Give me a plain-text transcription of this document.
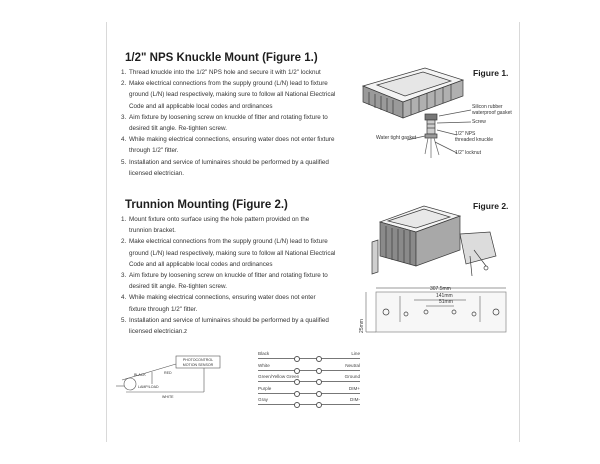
1/2" NPS Knuckle Mount (Figure 1.)
1. Thread knuckle into the 1/2" NPS hole and secure it with 1/2" locknut
2. Make electrical connections from the supply ground (L/N) lead to fixture
ground (L/N) lead respectively, making sure to follow all National Electrical
Code and all applicable local codes and ordinances
3. Aim fixture by loosening screw on knuckle of fitter and rotating fixture to
desired tilt angle. Re-tighten screw.
4. While making electrical connections, ensuring water does not enter fixture
through 1/2" fitter.
5. Installation and service of luminaires should be performed by a qualified
licensed electrician.
Figure 1.
Silicon rubber
waterproof gasket
Screw
1/2" NPS
threaded knuckle
Water tight gasket
1/2" locknut
Trunnion Mounting (Figure 2.)
1. Mount fixture onto surface using the hole pattern provided on the
trunnion bracket.
2. Make electrical connections from the supply ground (L/N) lead to fixture
ground (L/N) lead respectively, making sure to follow all National Electrical
Code and all applicable local codes and ordinances
3. Aim fixture by loosening screw on knuckle of fitter and rotating fixture to
desired tilt angle. Re-tighten screw.
4. While making electrical connections, ensuring water does not enter
fixture through 1/2" fitter.
5. Installation and service of luminaires should be performed by a qualified
licensed electrician.z
Figure 2.
307.5mm
141mm
51mm
25mm
PHOTOCONTROL
MOTION SENSOR
BLACK	RED
WHITE
LAMP/LOAD
Black	Line
White	Neutral
Green/Yellow Green	Ground
Purple	DIM+
Gray	DIM-
